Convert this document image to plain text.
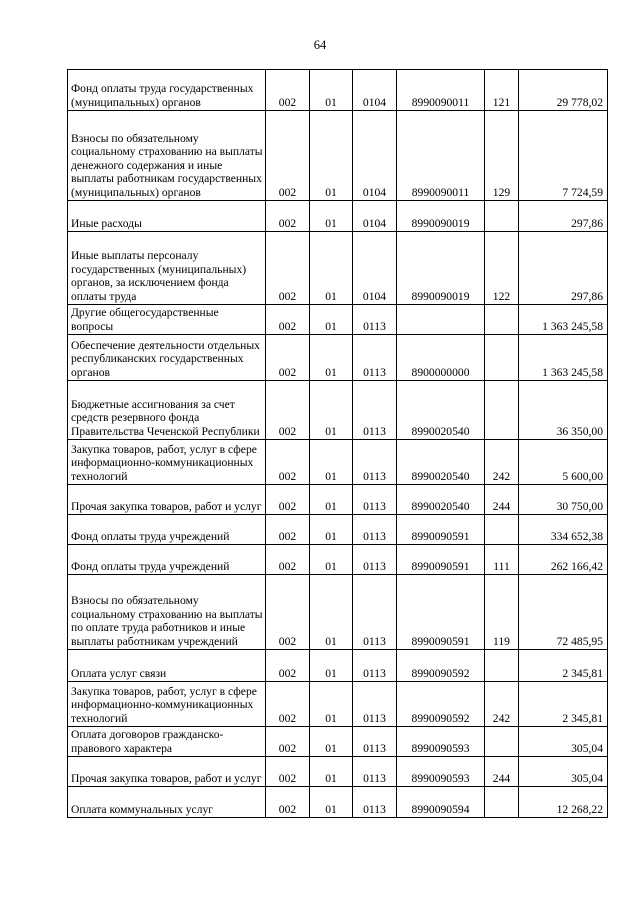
64
Фонд оплаты труда государственных (муниципальных) органов	002	01	0104	8990090011	121	29 778,02
Взносы по обязательному социальному страхованию на выплаты денежного содержания и иные выплаты работникам государственных (муниципальных) органов	002	01	0104	8990090011	129	7 724,59
Иные расходы	002	01	0104	8990090019		297,86
Иные выплаты персоналу государственных (муниципальных) органов, за исключением фонда оплаты труда	002	01	0104	8990090019	122	297,86
Другие общегосударственные вопросы	002	01	0113			1 363 245,58
Обеспечение деятельности отдельных республиканских государственных органов	002	01	0113	8900000000		1 363 245,58
Бюджетные ассигнования за счет средств резервного фонда Правительства Чеченской Республики	002	01	0113	8990020540		36 350,00
Закупка товаров, работ, услуг в сфере информационно-коммуникационных технологий	002	01	0113	8990020540	242	5 600,00
Прочая закупка товаров, работ и услуг	002	01	0113	8990020540	244	30 750,00
Фонд оплаты труда учреждений	002	01	0113	8990090591		334 652,38
Фонд оплаты труда учреждений	002	01	0113	8990090591	111	262 166,42
Взносы по обязательному социальному страхованию на выплаты по оплате труда работников и иные выплаты работникам учреждений	002	01	0113	8990090591	119	72 485,95
Оплата услуг связи	002	01	0113	8990090592		2 345,81
Закупка товаров, работ, услуг в сфере информационно-коммуникационных технологий	002	01	0113	8990090592	242	2 345,81
Оплата договоров гражданско-правового характера	002	01	0113	8990090593		305,04
Прочая закупка товаров, работ и услуг	002	01	0113	8990090593	244	305,04
Оплата коммунальных услуг	002	01	0113	8990090594		12 268,22
